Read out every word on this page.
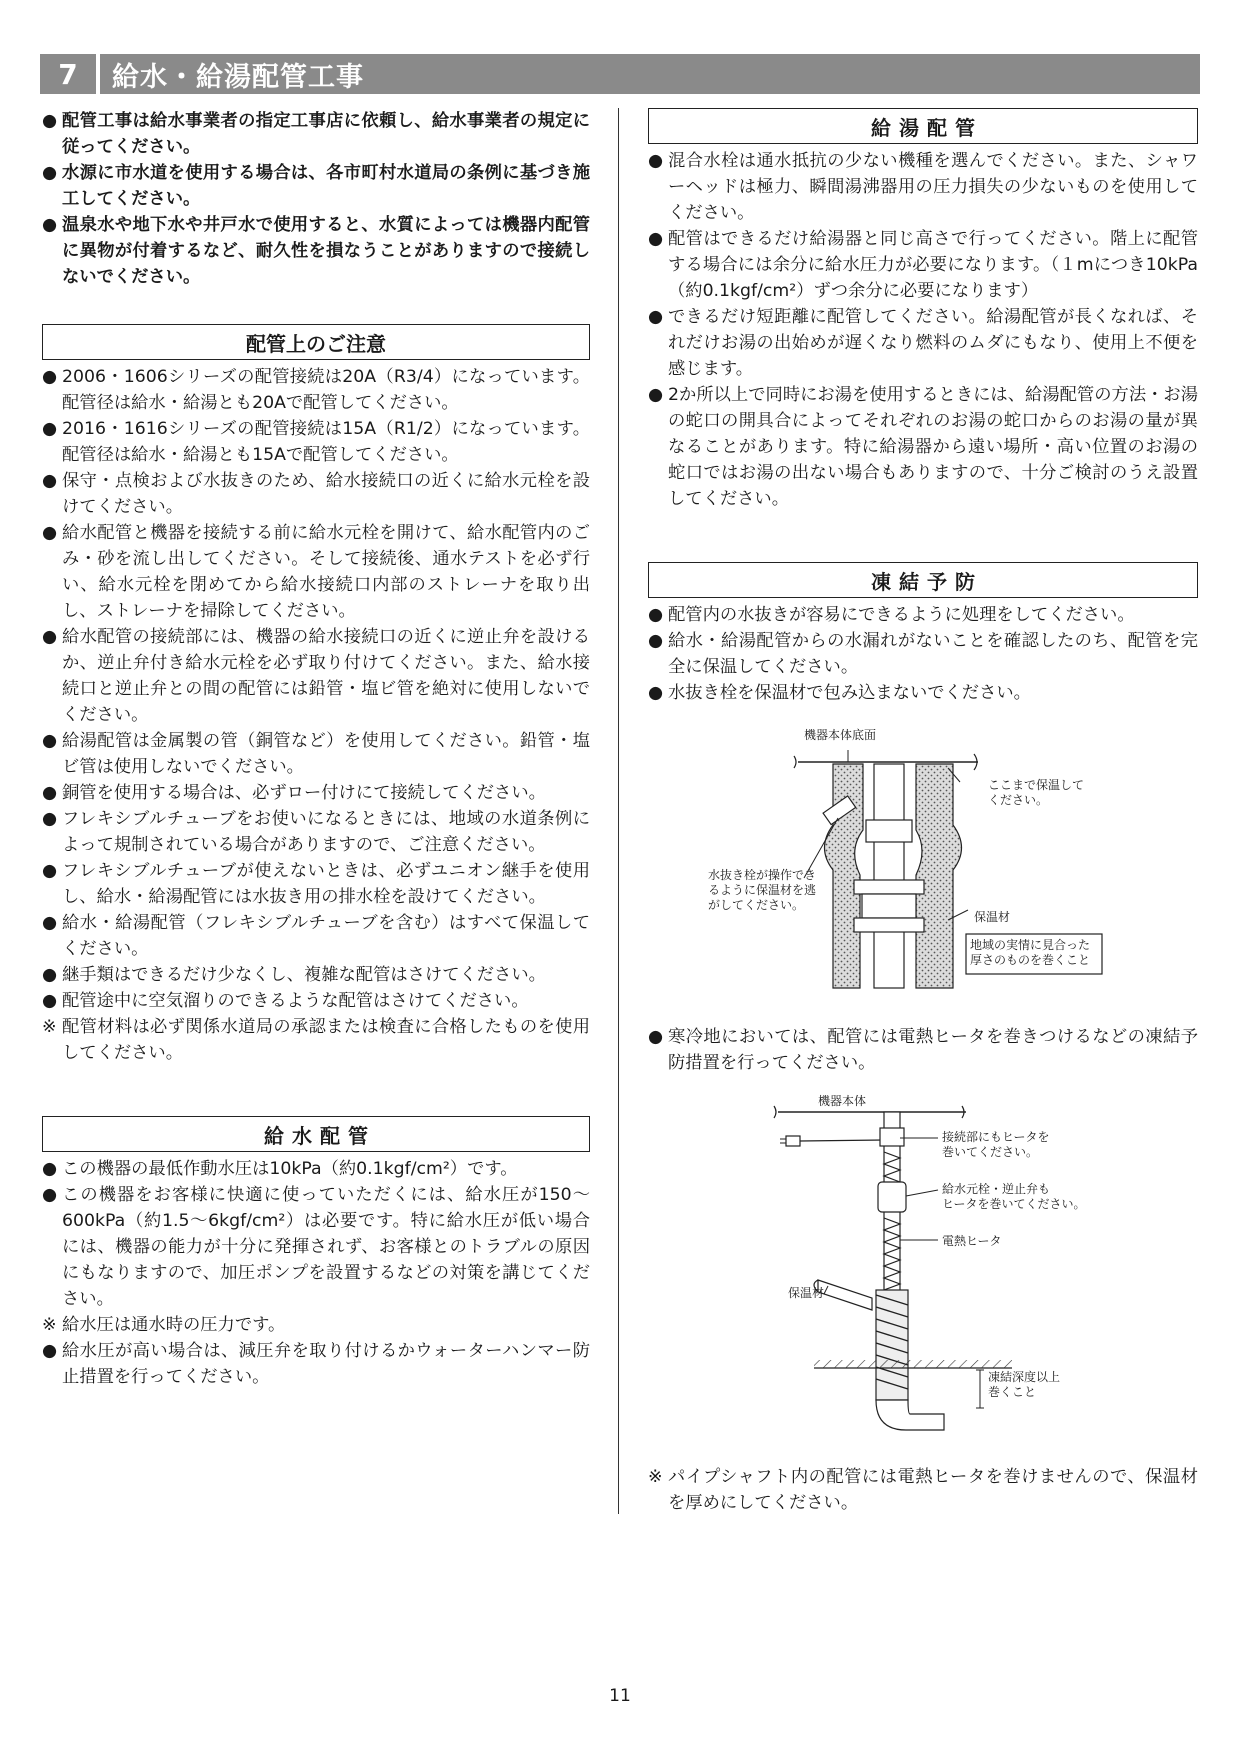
7	給水・給湯配管工事
● 配管工事は給水事業者の指定工事店に依頼し、給水事業者の規定に従ってください。
● 水源に市水道を使用する場合は、各市町村水道局の条例に基づき施工してください。
● 温泉水や地下水や井戸水で使用すると、水質によっては機器内配管に異物が付着するなど、耐久性を損なうことがありますので接続しないでください。
配管上のご注意
● 2006・1606シリーズの配管接続は20A（R3/4）になっています。配管径は給水・給湯とも20Aで配管してください。
● 2016・1616シリーズの配管接続は15A（R1/2）になっています。配管径は給水・給湯とも15Aで配管してください。
● 保守・点検および水抜きのため、給水接続口の近くに給水元栓を設けてください。
● 給水配管と機器を接続する前に給水元栓を開けて、給水配管内のごみ・砂を流し出してください。そして接続後、通水テストを必ず行い、給水元栓を閉めてから給水接続口内部のストレーナを取り出し、ストレーナを掃除してください。
● 給水配管の接続部には、機器の給水接続口の近くに逆止弁を設けるか、逆止弁付き給水元栓を必ず取り付けてください。また、給水接続口と逆止弁との間の配管には鉛管・塩ビ管を絶対に使用しないでください。
● 給湯配管は金属製の管（銅管など）を使用してください。鉛管・塩ビ管は使用しないでください。
● 銅管を使用する場合は、必ずロー付けにて接続してください。
● フレキシブルチューブをお使いになるときには、地域の水道条例によって規制されている場合がありますので、ご注意ください。
● フレキシブルチューブが使えないときは、必ずユニオン継手を使用し、給水・給湯配管には水抜き用の排水栓を設けてください。
● 給水・給湯配管（フレキシブルチューブを含む）はすべて保温してください。
● 継手類はできるだけ少なくし、複雑な配管はさけてください。
● 配管途中に空気溜りのできるような配管はさけてください。
※ 配管材料は必ず関係水道局の承認または検査に合格したものを使用してください。
給水配管
● この機器の最低作動水圧は10kPa（約0.1kgf/cm²）です。
● この機器をお客様に快適に使っていただくには、給水圧が150〜600kPa（約1.5〜6kgf/cm²）は必要です。特に給水圧が低い場合には、機器の能力が十分に発揮されず、お客様とのトラブルの原因にもなりますので、加圧ポンプを設置するなどの対策を講じてください。
※ 給水圧は通水時の圧力です。
● 給水圧が高い場合は、減圧弁を取り付けるかウォーターハンマー防止措置を行ってください。
給湯配管
● 混合水栓は通水抵抗の少ない機種を選んでください。また、シャワーヘッドは極力、瞬間湯沸器用の圧力損失の少ないものを使用してください。
● 配管はできるだけ給湯器と同じ高さで行ってください。階上に配管する場合には余分に給水圧力が必要になります。（１mにつき10kPa（約0.1kgf/cm²）ずつ余分に必要になります）
● できるだけ短距離に配管してください。給湯配管が長くなれば、それだけお湯の出始めが遅くなり燃料のムダにもなり、使用上不便を感じます。
● 2か所以上で同時にお湯を使用するときには、給湯配管の方法・お湯の蛇口の開具合によってそれぞれのお湯の蛇口からのお湯の量が異なることがあります。特に給湯器から遠い場所・高い位置のお湯の蛇口ではお湯の出ない場合もありますので、十分ご検討のうえ設置してください。
凍結予防
● 配管内の水抜きが容易にできるように処理をしてください。
● 給水・給湯配管からの水漏れがないことを確認したのち、配管を完全に保温してください。
● 水抜き栓を保温材で包み込まないでください。
機器本体底面
ここまで保温して
ください。
水抜き栓が操作でき
るように保温材を逃
がしてください。
保温材
地域の実情に見合った
厚さのものを巻くこと
● 寒冷地においては、配管には電熱ヒータを巻きつけるなどの凍結予防措置を行ってください。
機器本体
接続部にもヒータを
巻いてください。
給水元栓・逆止弁も
ヒータを巻いてください。
電熱ヒータ
保温材
凍結深度以上
巻くこと
※ パイプシャフト内の配管には電熱ヒータを巻けませんので、保温材を厚めにしてください。
11
